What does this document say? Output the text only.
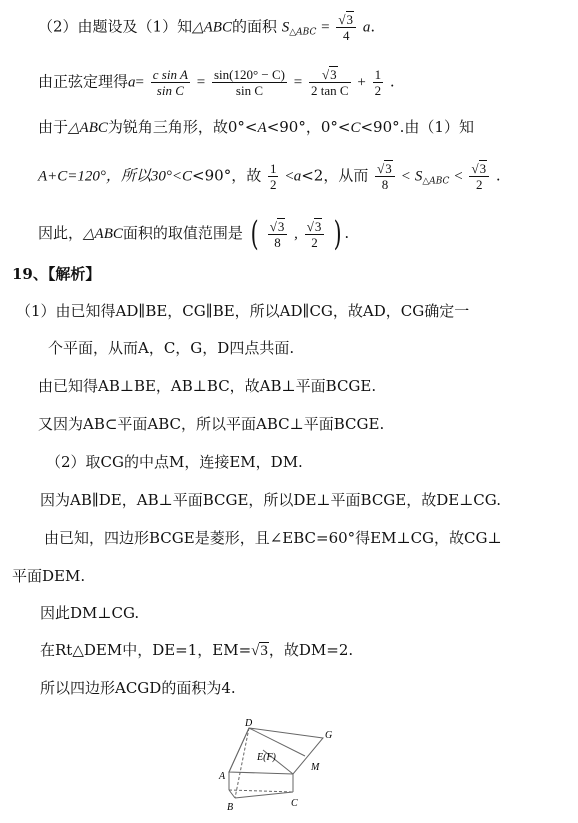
（2）由题设及（1）知△ABC的面积 $S_{\triangle ABC}$ = √ $\frac{3}{4} a$.
由正弦定理得$a= \frac{\text{c sin A}}{\text{sin C}} = \frac{\sin(120^\circ - C)}{\text{sin C}}$ = √ $\frac{3}{\text{2 tan C}} + \frac{1}{2}$ .
由于△ABC为锐角三角形，故0°<A<90°，0°<C<90°.由（1）知
A+C=120°，所以30°<C<90°，故 $\frac{1}{2} <a<2$，从而 √ $\frac{3}{8} < S_{\triangle ABC}$ < √ $\frac{3}{2}$ .
因此，△ABC面积的取值范围是 ( √ $\frac{3}{8}$ , √ $\frac{3}{2}$ ) .
19、【解析】
（1）由已知得AD∥BE，CG∥BE，所以AD∥CG，故AD，CG确定一
个平面，从而A，C，G，D四点共面.
由已知得AB⊥BE，AB⊥BC，故AB⊥平面BCGE.
又因为AB⊂平面ABC，所以平面ABC⊥平面BCGE.
（2）取CG的中点M，连接EM，DM.
因为AB∥DE，AB⊥平面BCGE，所以DE⊥平面BCGE，故DE⊥CG.
由已知，四边形BCGE是菱形，且∠EBC=60°得EM⊥CG，故CG⊥
平面DEM.
因此DM⊥CG.
在Rt△DEM中，DE=1，EM= √ 3，故DM=2.
所以四边形ACGD的面积为4.
D
G
E(F)
M
A
B	C
